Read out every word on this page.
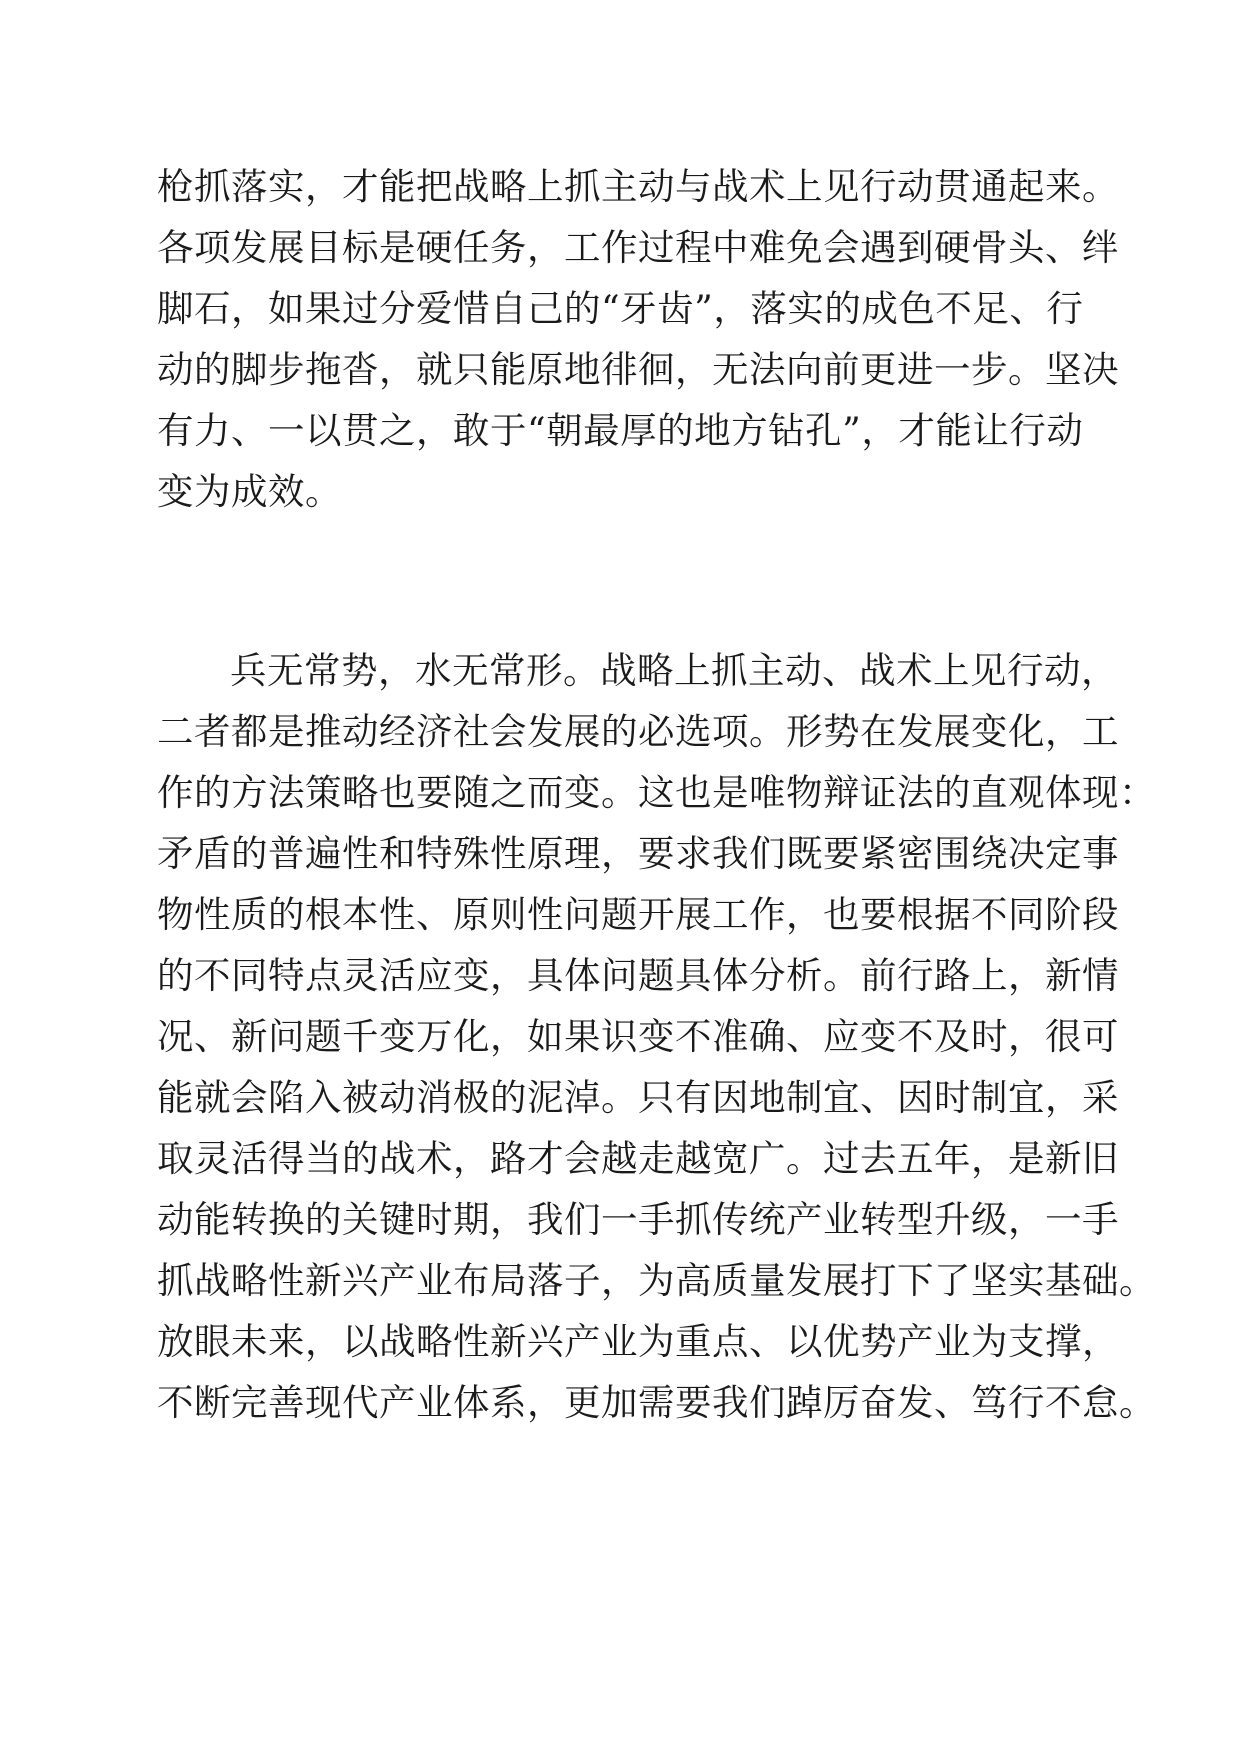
枪抓落实，才能把战略上抓主动与战术上见行动贯通起来。
各项发展目标是硬任务，工作过程中难免会遇到硬骨头、绊
脚石，如果过分爱惜自己的“牙齿”，落实的成色不足、行
动的脚步拖沓，就只能原地徘徊，无法向前更进一步。坚决
有力、一以贯之，敢于“朝最厚的地方钻孔”，才能让行动
变为成效。
兵无常势，水无常形。战略上抓主动、战术上见行动，
二者都是推动经济社会发展的必选项。形势在发展变化，工
作的方法策略也要随之而变。这也是唯物辩证法的直观体现：
矛盾的普遍性和特殊性原理，要求我们既要紧密围绕决定事
物性质的根本性、原则性问题开展工作，也要根据不同阶段
的不同特点灵活应变，具体问题具体分析。前行路上，新情
况、新问题千变万化，如果识变不准确、应变不及时，很可
能就会陷入被动消极的泥淖。只有因地制宜、因时制宜，采
取灵活得当的战术，路才会越走越宽广。过去五年，是新旧
动能转换的关键时期，我们一手抓传统产业转型升级，一手
抓战略性新兴产业布局落子，为高质量发展打下了坚实基础。
放眼未来，以战略性新兴产业为重点、以优势产业为支撑，
不断完善现代产业体系，更加需要我们踔厉奋发、笃行不怠。
